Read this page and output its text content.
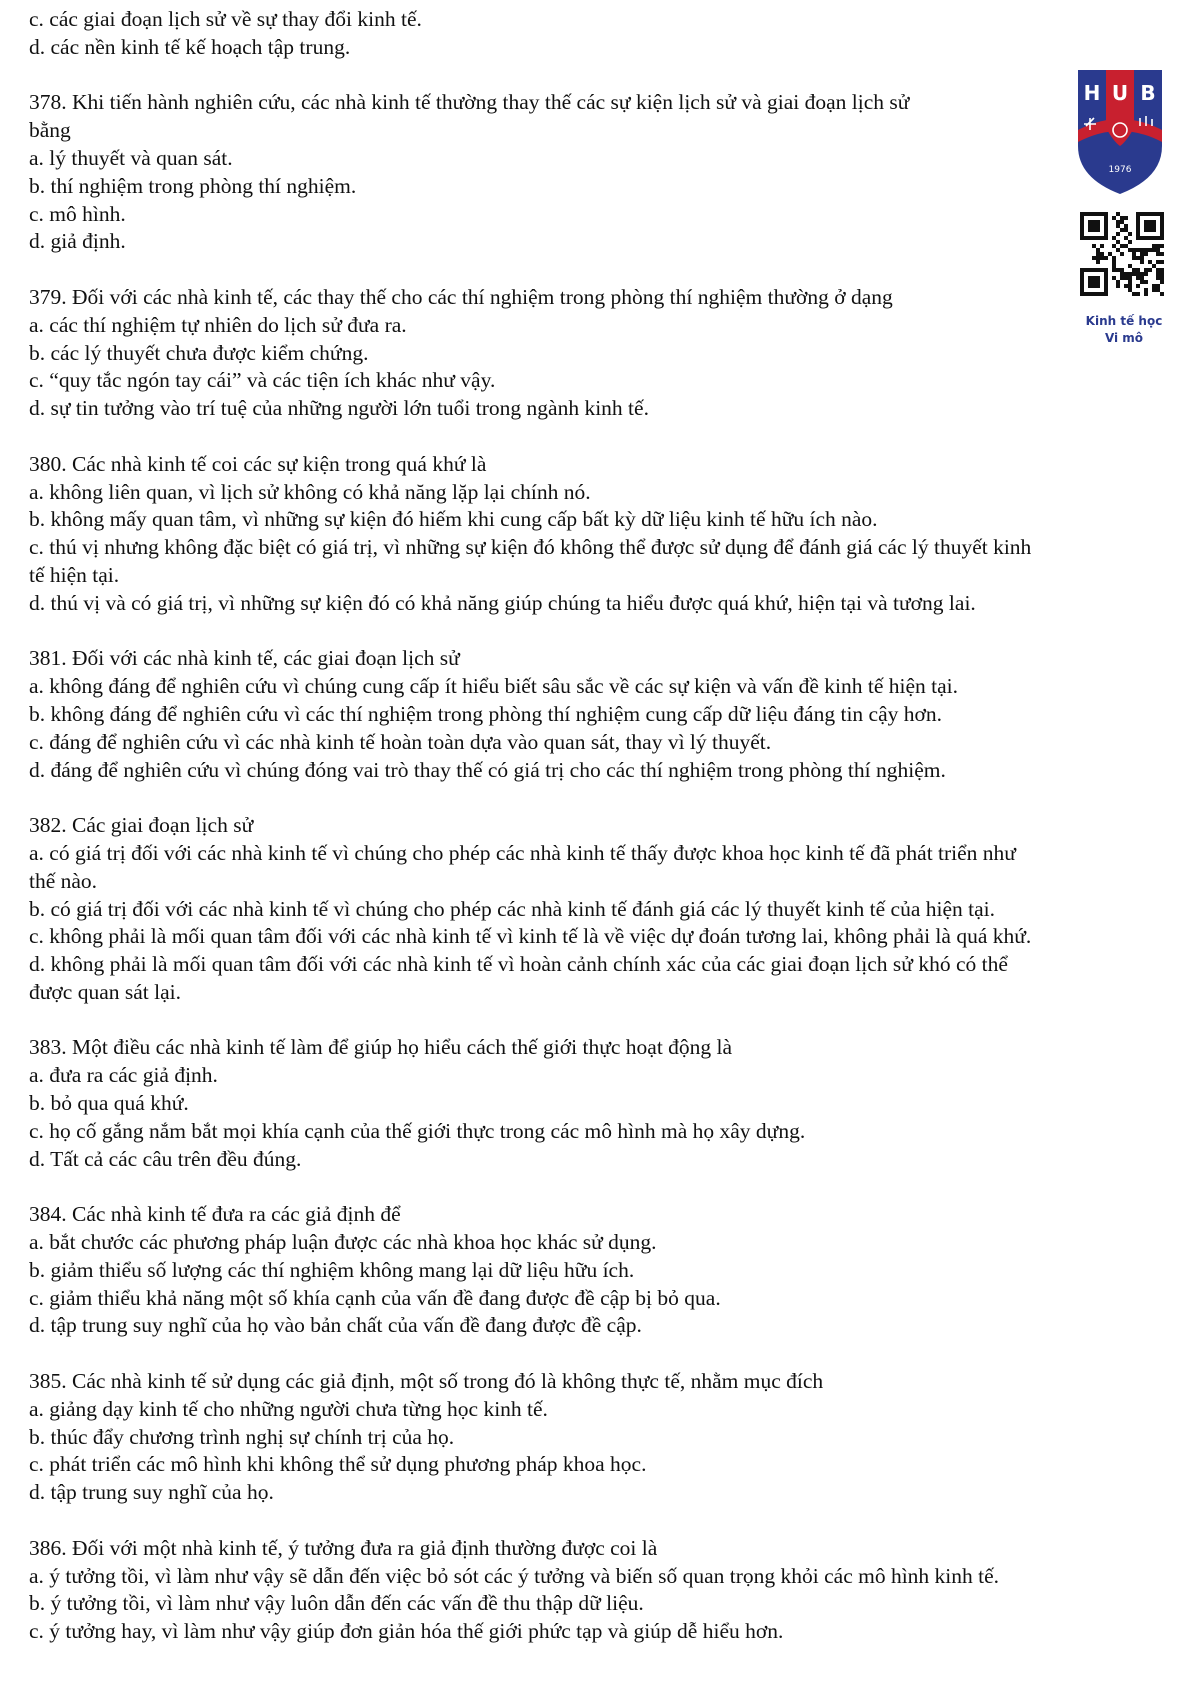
c. các giai đoạn lịch sử về sự thay đổi kinh tế.
d. các nền kinh tế kế hoạch tập trung.
378. Khi tiến hành nghiên cứu, các nhà kinh tế thường thay thế các sự kiện lịch sử và giai đoạn lịch sử
bằng
a. lý thuyết và quan sát.
b. thí nghiệm trong phòng thí nghiệm.
c. mô hình.
d. giả định.
379. Đối với các nhà kinh tế, các thay thế cho các thí nghiệm trong phòng thí nghiệm thường ở dạng
a. các thí nghiệm tự nhiên do lịch sử đưa ra.
b. các lý thuyết chưa được kiểm chứng.
c. “quy tắc ngón tay cái” và các tiện ích khác như vậy.
d. sự tin tưởng vào trí tuệ của những người lớn tuổi trong ngành kinh tế.
380. Các nhà kinh tế coi các sự kiện trong quá khứ là
a. không liên quan, vì lịch sử không có khả năng lặp lại chính nó.
b. không mấy quan tâm, vì những sự kiện đó hiếm khi cung cấp bất kỳ dữ liệu kinh tế hữu ích nào.
c. thú vị nhưng không đặc biệt có giá trị, vì những sự kiện đó không thể được sử dụng để đánh giá các lý thuyết kinh
tế hiện tại.
d. thú vị và có giá trị, vì những sự kiện đó có khả năng giúp chúng ta hiểu được quá khứ, hiện tại và tương lai.
381. Đối với các nhà kinh tế, các giai đoạn lịch sử
a. không đáng để nghiên cứu vì chúng cung cấp ít hiểu biết sâu sắc về các sự kiện và vấn đề kinh tế hiện tại.
b. không đáng để nghiên cứu vì các thí nghiệm trong phòng thí nghiệm cung cấp dữ liệu đáng tin cậy hơn.
c. đáng để nghiên cứu vì các nhà kinh tế hoàn toàn dựa vào quan sát, thay vì lý thuyết.
d. đáng để nghiên cứu vì chúng đóng vai trò thay thế có giá trị cho các thí nghiệm trong phòng thí nghiệm.
382. Các giai đoạn lịch sử
a. có giá trị đối với các nhà kinh tế vì chúng cho phép các nhà kinh tế thấy được khoa học kinh tế đã phát triển như
thế nào.
b. có giá trị đối với các nhà kinh tế vì chúng cho phép các nhà kinh tế đánh giá các lý thuyết kinh tế của hiện tại.
c. không phải là mối quan tâm đối với các nhà kinh tế vì kinh tế là về việc dự đoán tương lai, không phải là quá khứ.
d. không phải là mối quan tâm đối với các nhà kinh tế vì hoàn cảnh chính xác của các giai đoạn lịch sử khó có thể
được quan sát lại.
383. Một điều các nhà kinh tế làm để giúp họ hiểu cách thế giới thực hoạt động là
a. đưa ra các giả định.
b. bỏ qua quá khứ.
c. họ cố gắng nắm bắt mọi khía cạnh của thế giới thực trong các mô hình mà họ xây dựng.
d. Tất cả các câu trên đều đúng.
384. Các nhà kinh tế đưa ra các giả định để
a. bắt chước các phương pháp luận được các nhà khoa học khác sử dụng.
b. giảm thiểu số lượng các thí nghiệm không mang lại dữ liệu hữu ích.
c. giảm thiểu khả năng một số khía cạnh của vấn đề đang được đề cập bị bỏ qua.
d. tập trung suy nghĩ của họ vào bản chất của vấn đề đang được đề cập.
385. Các nhà kinh tế sử dụng các giả định, một số trong đó là không thực tế, nhằm mục đích
a. giảng dạy kinh tế cho những người chưa từng học kinh tế.
b. thúc đẩy chương trình nghị sự chính trị của họ.
c. phát triển các mô hình khi không thể sử dụng phương pháp khoa học.
d. tập trung suy nghĩ của họ.
386. Đối với một nhà kinh tế, ý tưởng đưa ra giả định thường được coi là
a. ý tưởng tồi, vì làm như vậy sẽ dẫn đến việc bỏ sót các ý tưởng và biến số quan trọng khỏi các mô hình kinh tế.
b. ý tưởng tồi, vì làm như vậy luôn dẫn đến các vấn đề thu thập dữ liệu.
c. ý tưởng hay, vì làm như vậy giúp đơn giản hóa thế giới phức tạp và giúp dễ hiểu hơn.
H U B
1976
Kinh tế học
Vi mô
